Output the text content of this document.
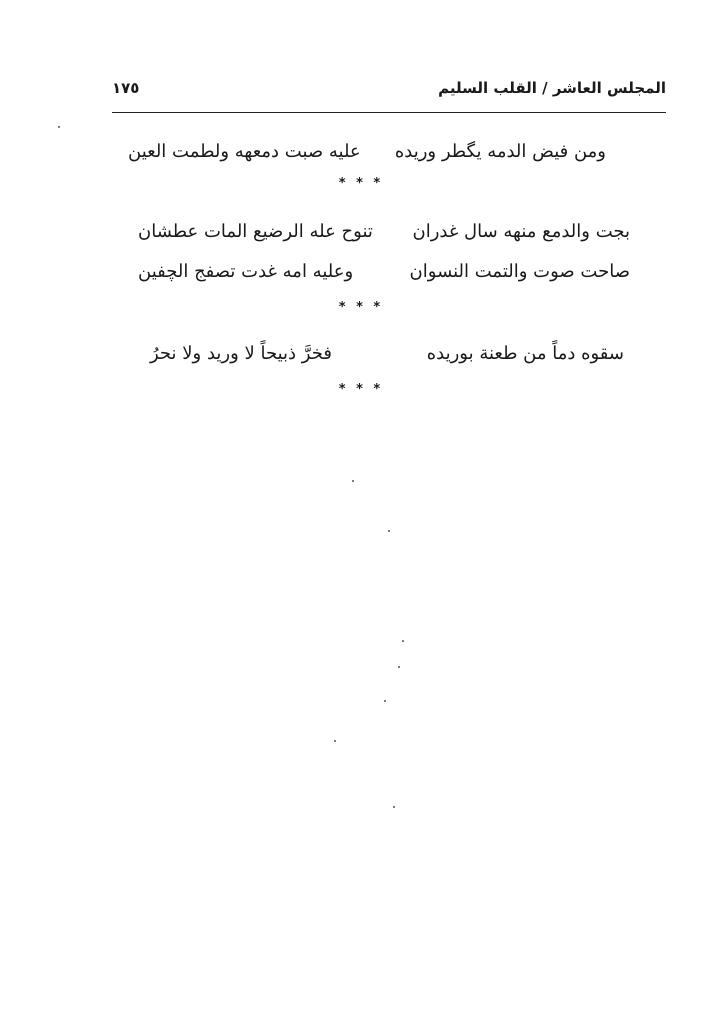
المجلس العاشر / القلب السليم
١٧٥
ومن فيض الدمه يگطر وريده
عليه صبت دمعهه ولطمت العين
* * *
بجت والدمع منهه سال غدران
تنوح عله الرضيع المات عطشان
صاحت صوت والتمت النسوان
وعليه امه غدت تصفج الچفين
* * *
سقوه دماً من طعنة بوريده
فخرَّ ذبيحاً لا وريد ولا نحرُ
* * *
